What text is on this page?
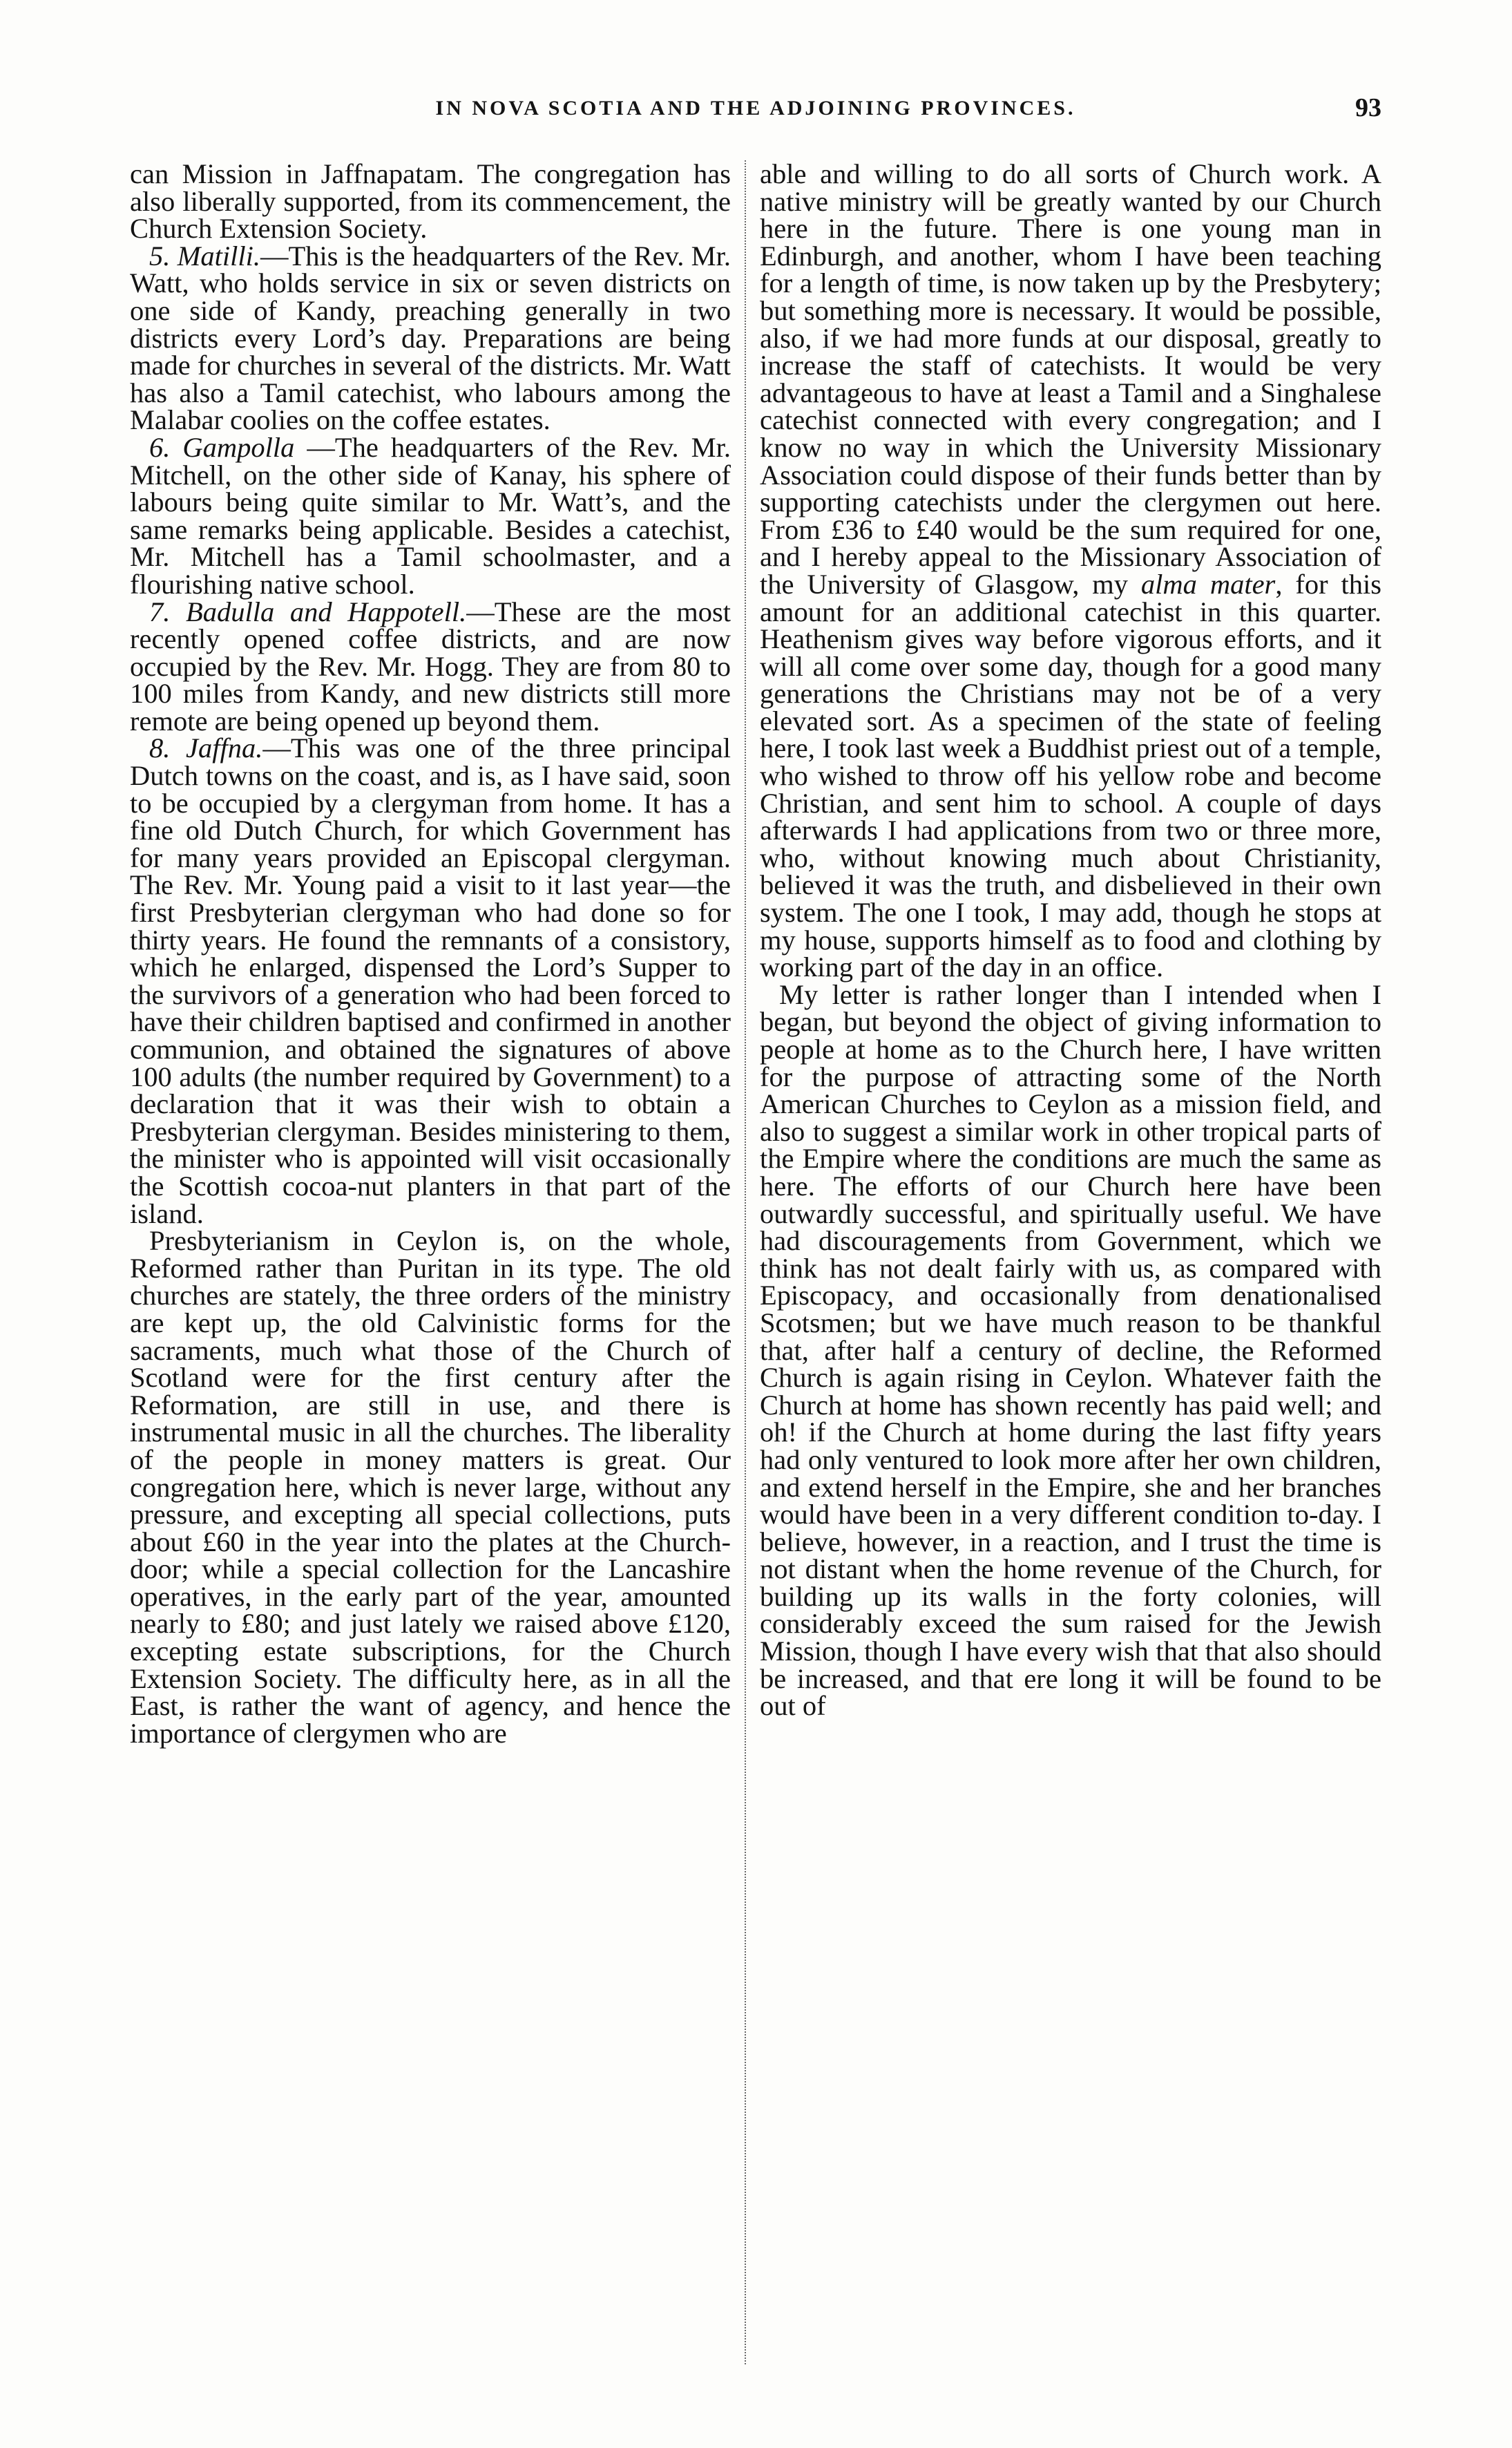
IN NOVA SCOTIA AND THE ADJOINING PROVINCES.	93

can Mission in Jaffnapatam. The congregation has also liberally supported, from its commencement, the Church Extension Society.

5. Matilli.—This is the headquarters of the Rev. Mr. Watt, who holds service in six or seven districts on one side of Kandy, preaching generally in two districts every Lord’s day. Preparations are being made for churches in several of the districts. Mr. Watt has also a Tamil catechist, who labours among the Malabar coolies on the coffee estates.

6. Gampolla —The headquarters of the Rev. Mr. Mitchell, on the other side of Kanay, his sphere of labours being quite similar to Mr. Watt’s, and the same remarks being applicable. Besides a catechist, Mr. Mitchell has a Tamil schoolmaster, and a flourishing native school.

7. Badulla and Happotell.—These are the most recently opened coffee districts, and are now occupied by the Rev. Mr. Hogg. They are from 80 to 100 miles from Kandy, and new districts still more remote are being opened up beyond them.

8. Jaffna.—This was one of the three principal Dutch towns on the coast, and is, as I have said, soon to be occupied by a clergyman from home. It has a fine old Dutch Church, for which Government has for many years provided an Episcopal clergyman. The Rev. Mr. Young paid a visit to it last year—the first Presbyterian clergyman who had done so for thirty years. He found the remnants of a consistory, which he enlarged, dispensed the Lord’s Supper to the survivors of a generation who had been forced to have their children baptised and confirmed in another communion, and obtained the signatures of above 100 adults (the number required by Government) to a declaration that it was their wish to obtain a Presbyterian clergyman. Besides ministering to them, the minister who is appointed will visit occasionally the Scottish cocoa-nut planters in that part of the island.

Presbyterianism in Ceylon is, on the whole, Reformed rather than Puritan in its type. The old churches are stately, the three orders of the ministry are kept up, the old Calvinistic forms for the sacraments, much what those of the Church of Scotland were for the first century after the Reformation, are still in use, and there is instrumental music in all the churches. The liberality of the people in money matters is great. Our congregation here, which is never large, without any pressure, and excepting all special collections, puts about £60 in the year into the plates at the Church-door; while a special collection for the Lancashire operatives, in the early part of the year, amounted nearly to £80; and just lately we raised above £120, excepting estate subscriptions, for the Church Extension Society. The difficulty here, as in all the East, is rather the want of agency, and hence the importance of clergymen who are

able and willing to do all sorts of Church work. A native ministry will be greatly wanted by our Church here in the future. There is one young man in Edinburgh, and another, whom I have been teaching for a length of time, is now taken up by the Presbytery; but something more is necessary. It would be possible, also, if we had more funds at our disposal, greatly to increase the staff of catechists. It would be very advantageous to have at least a Tamil and a Singhalese catechist connected with every congregation; and I know no way in which the University Missionary Association could dispose of their funds better than by supporting catechists under the clergymen out here. From £36 to £40 would be the sum required for one, and I hereby appeal to the Missionary Association of the University of Glasgow, my alma mater, for this amount for an additional catechist in this quarter. Heathenism gives way before vigorous efforts, and it will all come over some day, though for a good many generations the Christians may not be of a very elevated sort. As a specimen of the state of feeling here, I took last week a Buddhist priest out of a temple, who wished to throw off his yellow robe and become Christian, and sent him to school. A couple of days afterwards I had applications from two or three more, who, without knowing much about Christianity, believed it was the truth, and disbelieved in their own system. The one I took, I may add, though he stops at my house, supports himself as to food and clothing by working part of the day in an office.

My letter is rather longer than I intended when I began, but beyond the object of giving information to people at home as to the Church here, I have written for the purpose of attracting some of the North American Churches to Ceylon as a mission field, and also to suggest a similar work in other tropical parts of the Empire where the conditions are much the same as here. The efforts of our Church here have been outwardly successful, and spiritually useful. We have had discouragements from Government, which we think has not dealt fairly with us, as compared with Episcopacy, and occasionally from denationalised Scotsmen; but we have much reason to be thankful that, after half a century of decline, the Reformed Church is again rising in Ceylon. Whatever faith the Church at home has shown recently has paid well; and oh! if the Church at home during the last fifty years had only ventured to look more after her own children, and extend herself in the Empire, she and her branches would have been in a very different condition to-day. I believe, however, in a reaction, and I trust the time is not distant when the home revenue of the Church, for building up its walls in the forty colonies, will considerably exceed the sum raised for the Jewish Mission, though I have every wish that that also should be increased, and that ere long it will be found to be out of
